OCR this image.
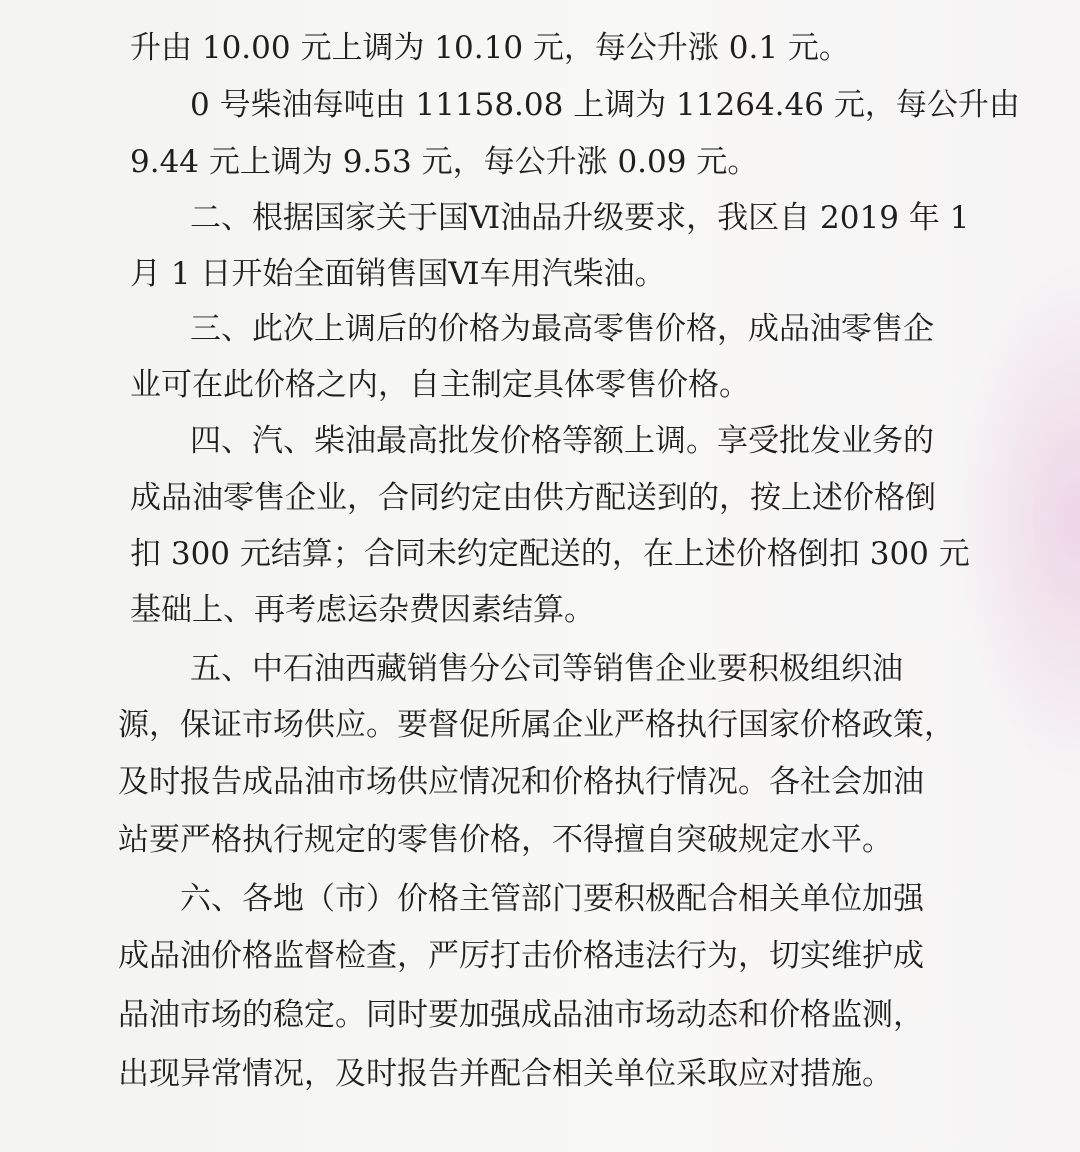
升由 10.00 元上调为 10.10 元，每公升涨 0.1 元。

0 号柴油每吨由 11158.08 上调为 11264.46 元，每公升由

9.44 元上调为 9.53 元，每公升涨 0.09 元。

二、根据国家关于国Ⅵ油品升级要求，我区自 2019 年 1

月 1 日开始全面销售国Ⅵ车用汽柴油。

三、此次上调后的价格为最高零售价格，成品油零售企

业可在此价格之内，自主制定具体零售价格。

四、汽、柴油最高批发价格等额上调。享受批发业务的

成品油零售企业，合同约定由供方配送到的，按上述价格倒

扣 300 元结算；合同未约定配送的，在上述价格倒扣 300 元

基础上、再考虑运杂费因素结算。

五、中石油西藏销售分公司等销售企业要积极组织油

源，保证市场供应。要督促所属企业严格执行国家价格政策，

及时报告成品油市场供应情况和价格执行情况。各社会加油

站要严格执行规定的零售价格，不得擅自突破规定水平。

六、各地（市）价格主管部门要积极配合相关单位加强

成品油价格监督检查，严厉打击价格违法行为，切实维护成

品油市场的稳定。同时要加强成品油市场动态和价格监测，

出现异常情况，及时报告并配合相关单位采取应对措施。
